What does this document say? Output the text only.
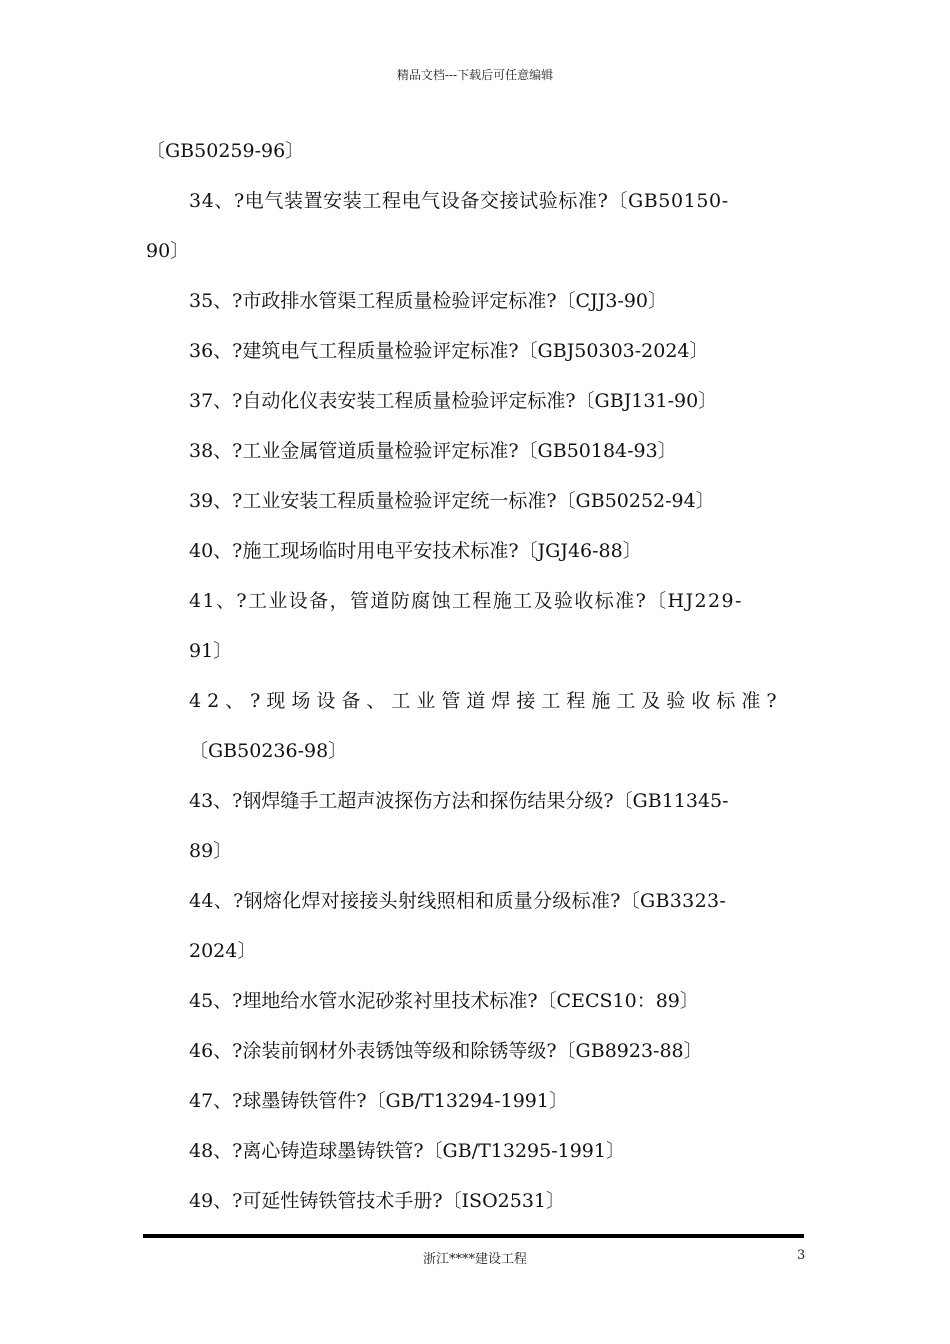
精品文档---下载后可任意编辑
〔GB50259-96〕
34、?电气装置安装工程电气设备交接试验标准?〔GB50150-
90〕
35、?市政排水管渠工程质量检验评定标准?〔CJJ3-90〕
36、?建筑电气工程质量检验评定标准?〔GBJ50303-2024〕
37、?自动化仪表安装工程质量检验评定标准?〔GBJ131-90〕
38、?工业金属管道质量检验评定标准?〔GB50184-93〕
39、?工业安装工程质量检验评定统一标准?〔GB50252-94〕
40、?施工现场临时用电平安技术标准?〔JGJ46-88〕
41、?工业设备，管道防腐蚀工程施工及验收标准?〔HJ229-
91〕
42、?现场设备、工业管道焊接工程施工及验收标准?
〔GB50236-98〕
43、?钢焊缝手工超声波探伤方法和探伤结果分级?〔GB11345-
89〕
44、?钢熔化焊对接接头射线照相和质量分级标准?〔GB3323-
2024〕
45、?埋地给水管水泥砂浆衬里技术标准?〔CECS10：89〕
46、?涂装前钢材外表锈蚀等级和除锈等级?〔GB8923-88〕
47、?球墨铸铁管件?〔GB/T13294-1991〕
48、?离心铸造球墨铸铁管?〔GB/T13295-1991〕
49、?可延性铸铁管技术手册?〔ISO2531〕
浙江****建设工程	3
